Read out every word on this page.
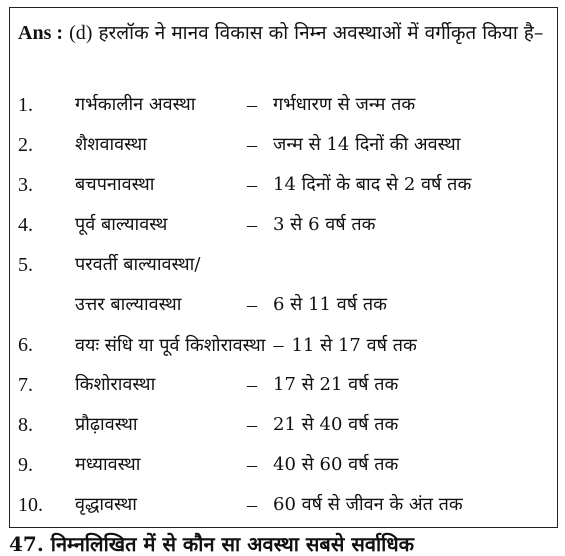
Ans : (d) हरलॉक ने मानव विकास को निम्न अवस्थाओं में वर्गीकृत किया है–
1. गर्भकालीन अवस्था	– गर्भधारण से जन्म तक
2. शैशवावस्था	– जन्म से 14 दिनों की अवस्था
3. बचपनावस्था	– 14 दिनों के बाद से 2 वर्ष तक
4. पूर्व बाल्यावस्थ	– 3 से 6 वर्ष तक
5. परवर्ती बाल्यावस्था/
उत्तर बाल्यावस्था	– 6 से 11 वर्ष तक
6. वयः संधि या पूर्व किशोरावस्था – 11 से 17 वर्ष तक
7. किशोरावस्था	– 17 से 21 वर्ष तक
8. प्रौढ़ावस्था	– 21 से 40 वर्ष तक
9. मध्यावस्था	– 40 से 60 वर्ष तक
10. वृद्धावस्था	– 60 वर्ष से जीवन के अंत तक
47. निम्नलिखित में से कौन सा अवस्था सबसे सर्वाधिक
